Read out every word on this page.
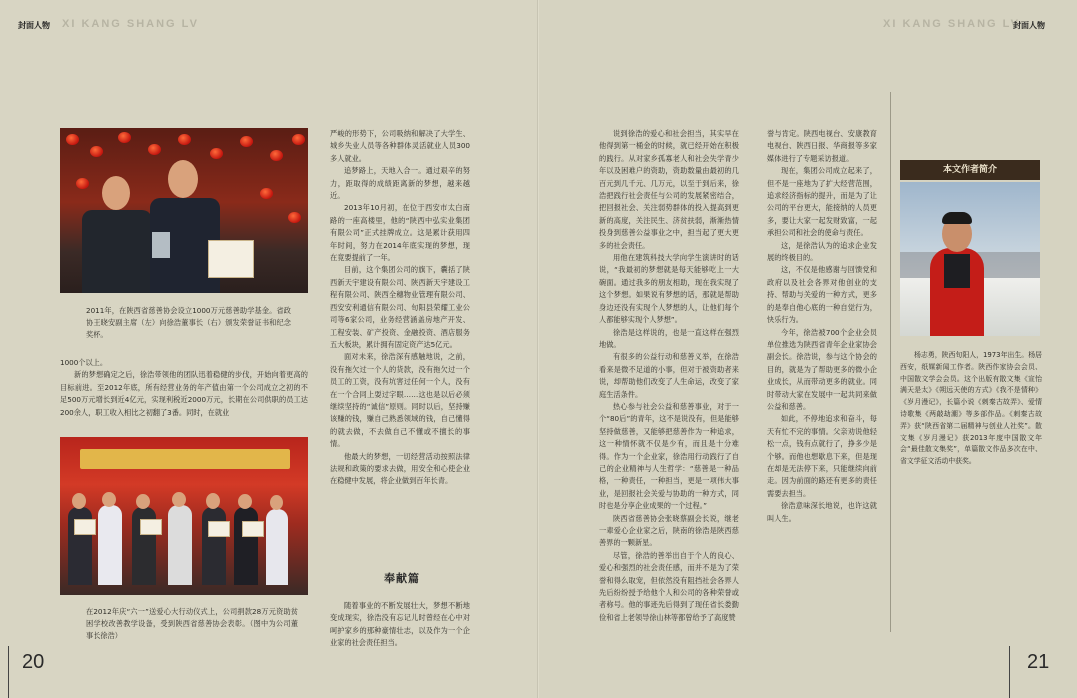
封面人物 XI KANG SHANG LV
2011年，在陕西省慈善协会设立1000万元慈善助学基金。省政协王晓安副主席（左）向徐浩董事长（右）颁发荣誉证书和纪念奖杯。

1000个以上。

新的梦想确定之后，徐浩带领他的团队迅着稳健的步伐，开始向着更高的目标前进。至2012年底，所有经营业务的年产值由第一个公司成立之初的不足500万元增长到近4亿元，实现利税近2000万元，长期在公司供职的员工达200余人，职工收入相比之初翻了3番。同时，在就业

在2012年庆“六一”送爱心大行动仪式上，公司捐款28万元资助贫困学校改善教学设备，受到陕西省慈善协会表彰。（图中为公司董事长徐浩）

严峻的形势下，公司吸纳和解决了大学生、城乡失业人员等各种群体灵活就业人员300多人就业。

追梦路上，天地入合一。通过艰辛的努力，距取得的成绩距离新的梦想，越来越近。

2013年10月初，在位于西安市太白南路的一座高楼里，他的“陕西中弘实业集团有限公司”正式挂牌成立。这是累计获用四年时间，努力在2014年底实现的梦想，现在竟要提前了一年。

目前，这个集团公司的旗下，囊括了陕西新天宇建设有限公司、陕西新天宇建设工程有限公司、陕西全穗物业管理有限公司、西安安利通信有限公司、旬阳县荣耀工业公司等6家公司，业务经营涵盖房地产开发、工程安装、矿产投资、金融投资、酒店服务五大板块，累计拥有固定资产达5亿元。

面对未来，徐浩深有感触地说，之前，没有拖欠过一个人的货款，没有拖欠过一个员工的工资，没有坑害过任何一个人，没有在一个合同上耍过字眼……这也是以后必须继续坚持的“诚信”原则。同时以后，坚持赚该赚的钱，赚自己熟悉领域的钱，自己懂得的就去做，不去做自己不懂或不擅长的事情。

他最大的梦想，一切经营活动按照法律法规和政策的要求去做，用安全和心使企业在稳健中发展，将企业做到百年长青。

奉献篇

随着事业的不断发展壮大，梦想不断地变成现实，徐浩没有忘记儿时曾经在心中对呵护家乡的那种豪情壮志，以及作为一个企业家的社会责任担当。

20
XI KANG SHANG LV
封面人物

说到徐浩的爱心和社会担当，其实早在他得到第一桶金的时候，就已经开始在积极的践行。从对家乡孤寡老人和社会失学青少年以及困难户的资助，资助数量由最初的几百元到几千元、几万元，以至于到后来，徐浩把践行社会责任与公司的发展紧密结合，把回报社会、关注弱势群体的投入提高到更新的高度，关注民生、济贫扶弱，渐渐热情投身到慈善公益事业之中，担当起了更大更多的社会责任。

用他在建筑科技大学向学生演讲时的话说，“我最初的梦想就是每天能够吃上一大碗面。通过我多的朋友相助，现在我实现了这个梦想。如果说有梦想的话，那就是帮助身边还没有实现个人梦想的人，让他们每个人都能够实现个人梦想”。

徐浩是这样说的，也是一直这样在强烈地做。

有很多的公益行动和慈善义举，在徐浩看来是微不足道的小事，但对于被资助者来说，却帮助他们改变了人生命运，改变了家庭生活条件。

热心参与社会公益和慈善事业，对于一个“80后”的青年，这不是说没有，但是能够坚持做慈善，又能够把慈善作为一种追求，这一种情怀就不仅是少有，而且是十分难得。作为一个企业家，徐浩用行动践行了自己的企业精神与人生哲学：“慈善是一种品格，一种责任，一种担当，更是一项伟大事业，是回报社会关爱与协助的一种方式，同时也是分享企业成果的一个过程。”

陕西省慈善协会张晓蔡副会长说，继老一辈爱心企业家之后，陕南的徐浩是陕西慈善界的一颗新星。

尽管，徐浩的善举出自于个人的良心、爱心和强烈的社会责任感，而并不是为了荣誉和得么取宠，但依然没有阻挡社会各界人先后纷纷授予给他个人和公司的各种荣誉或者称号。他的事迹先后得到了现任省长娄勤俭和省上老领导徐山林等都曾给予了高度赞

誉与肯定。陕西电视台、安康教育电视台、陕西日报、华商报等多家媒体进行了专题采访报道。

现在，集团公司成立起来了，但不是一座地为了扩大经营范围，追求经济指标的提升，而是为了让公司的平台更大，能接纳的人员更多，要让大家一起发财致富，一起承担公司和社会的使命与责任。

这，是徐浩认为的追求企业发展的终极目的。

这，不仅是他感谢与回馈党和政府以及社会各界对他创业的支持、帮助与关爱的一种方式，更多的是奉自他心底的一种自觉行为，快乐行为。

今年，徐浩被700个企业会员单位推选为陕西省青年企业家协会副会长。徐浩说，参与这个协会的目的，就是为了帮助更多的微小企业成长，从而带动更多的就业。同时带动大家在发展中一起共同来做公益和慈善。

如此，不停地追求和奋斗，每天有忙不完的事情。父亲劝说他轻松一点，钱有点就行了，挣多少是个够。而他也想歇息下来，但是现在却是无法停下来，只能继续向前走。因为前面的路还有更多的责任需要去担当。

徐浩意味深长地说，也许这就叫人生。

21
本文作者简介

杨志勇，陕西旬阳人，1973年出生。杨居西安，纸媒新闻工作者。陕西作家协会会员、中国散文学会会员。这个出版有散文集《宣怡满天是太》《朔远天使的方式》《我不是情种》《岁月漫记》，长篇小说《刺秦古故弄》、爱情诗歌集《两敲劫潮》等多部作品。《刺秦古故弄》获“陕西省第二届精神与创业人社奖”。散文集《岁月漫记》获2013年度中国散文年会“最佳散文集奖”，单篇散文作品多次在中、省文学征文活动中获奖。
